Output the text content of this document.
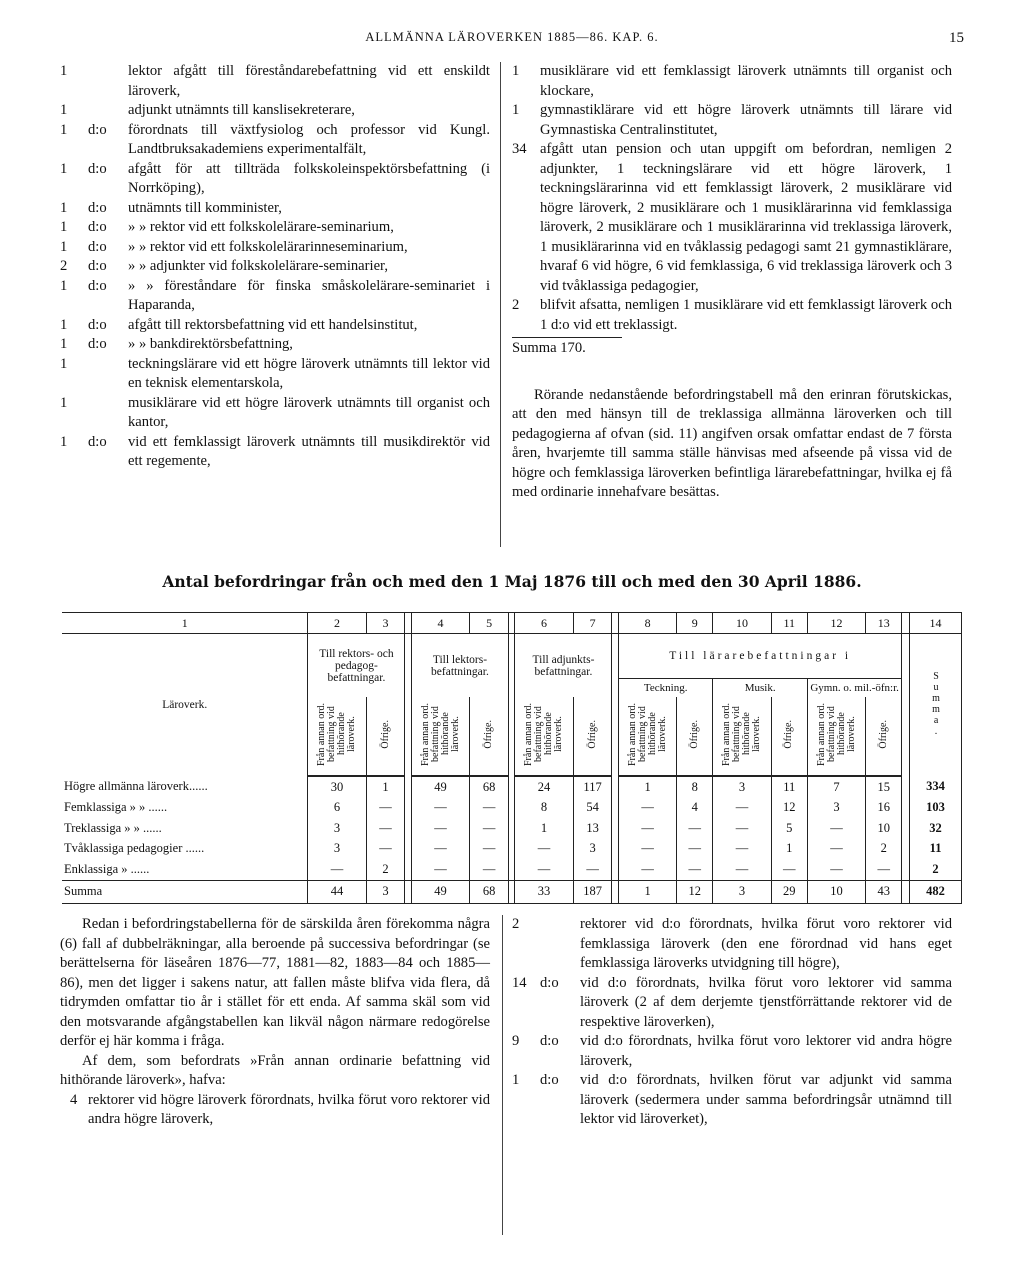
ALLMÄNNA LÄROVERKEN 1885—86. KAP. 6.	15
1	lektor afgått till föreståndarebefattning vid ett enskildt läroverk,
1	adjunkt utnämnts till kanslisekreterare,
1	d:o	förordnats till växtfysiolog och professor vid Kungl. Landtbruksakademiens experimentalfält,
1	d:o	afgått för att tillträda folkskoleinspektörsbefattning (i Norrköping),
1	d:o	utnämnts till komminister,
1	d:o	» » rektor vid ett folkskolelärare-seminarium,
1	d:o	» » rektor vid ett folkskolelärarinneseminarium,
2	d:o	» » adjunkter vid folkskolelärare-seminarier,
1	d:o	» » föreståndare för finska småskolelärare-seminariet i Haparanda,
1	d:o	afgått till rektorsbefattning vid ett handelsinstitut,
1	d:o	» » bankdirektörsbefattning,
1	teckningslärare vid ett högre läroverk utnämnts till lektor vid en teknisk elementarskola,
1	musiklärare vid ett högre läroverk utnämnts till organist och kantor,
1	d:o	vid ett femklassigt läroverk utnämnts till musikdirektör vid ett regemente,
1	musiklärare vid ett femklassigt läroverk utnämnts till organist och klockare,
1	gymnastiklärare vid ett högre läroverk utnämnts till lärare vid Gymnastiska Centralinstitutet,
34 afgått utan pension och utan uppgift om befordran, nemligen 2 adjunkter, 1 teckningslärare vid ett högre läroverk, 1 teckningslärarinna vid ett femklassigt läroverk, 2 musiklärare vid högre läroverk, 2 musiklärare och 1 musiklärarinna vid femklassiga läroverk, 2 musiklärare och 1 musiklärarinna vid treklassiga läroverk, 1 musiklärarinna vid en tvåklassig pedagogi samt 21 gymnastiklärare, hvaraf 6 vid högre, 6 vid femklassiga, 6 vid treklassiga läroverk och 3 vid tvåklassiga pedagogier,
2	blifvit afsatta, nemligen 1 musiklärare vid ett femklassigt läroverk och 1 d:o vid ett treklassigt.
Summa 170.
Rörande nedanstående befordringstabell må den erinran förutskickas, att den med hänsyn till de treklassiga allmänna läroverken och till pedagogierna af ofvan (sid. 11) angifven orsak omfattar endast de 7 första åren, hvarjemte till samma ställe hänvisas med afseende på vissa vid de högre och femklassiga läroverken befintliga lärarebefattningar, hvilka ej få med ordinarie innehafvare besättas.
Antal befordringar från och med den 1 Maj 1876 till och med den 30 April 1886.
1	2	3		4	5		6	7		8	9	10	11	12	13		14
Läroverk.	Till rektors- och pedagog-befattningar.			Till lektors-befattningar.			Till adjunkts-befattningar.			Till lärarebefattningar i							Summa.
										Teckning.		Musik.		Gymn. o. mil.-öfn:r.			
	Från annan ord. befattning vid hithörande läroverk.	Öfrige.		Från annan ord. befattning vid hithörande läroverk.	Öfrige.		Från annan ord. befattning vid hithörande läroverk.	Öfrige.		Från annan ord. befattning vid hithörande läroverk.	Öfrige.	Från annan ord. befattning vid hithörande läroverk.	Öfrige.	Från annan ord. befattning vid hithörande läroverk.	Öfrige.		
Högre allmänna läroverk......	30	1		49	68		24	117		1	8	3	11	7	15		334
Femklassiga » » ......	6	—		—	—		8	54		—	4	—	12	3	16		103
Treklassiga » » ......	3	—		—	—		1	13		—	—	—	5	—	10		32
Tvåklassiga pedagogier ......	3	—		—	—		—	3		—	—	—	1	—	2		11
Enklassiga » ......	—	2		—	—		—	—		—	—	—	—	—	—		2
Summa	44	3		49	68		33	187		1	12	3	29	10	43		482
Redan i befordringstabellerna för de särskilda åren förekomma några (6) fall af dubbelräkningar, alla beroende på successiva befordringar (se berättelserna för läseåren 1876—77, 1881—82, 1883—84 och 1885—86), men det ligger i sakens natur, att fallen måste blifva vida flera, då tidrymden omfattar tio år i stället för ett enda. Af samma skäl som vid den motsvarande afgångstabellen kan likväl någon närmare redogörelse derför ej här komma i fråga.
Af dem, som befordrats »Från annan ordinarie befattning vid hithörande läroverk», hafva:
4 rektorer vid högre läroverk förordnats, hvilka förut voro rektorer vid andra högre läroverk,
2	rektorer vid d:o förordnats, hvilka förut voro rektorer vid femklassiga läroverk (den ene förordnad vid hans eget femklassiga läroverks utvidgning till högre),
14 d:o	vid d:o förordnats, hvilka förut voro lektorer vid samma läroverk (2 af dem derjemte tjenstförrättande rektorer vid de respektive läroverken),
9	d:o	vid d:o förordnats, hvilka förut voro lektorer vid andra högre läroverk,
1	d:o	vid d:o förordnats, hvilken förut var adjunkt vid samma läroverk (sedermera under samma befordringsår utnämnd till lektor vid läroverket),
